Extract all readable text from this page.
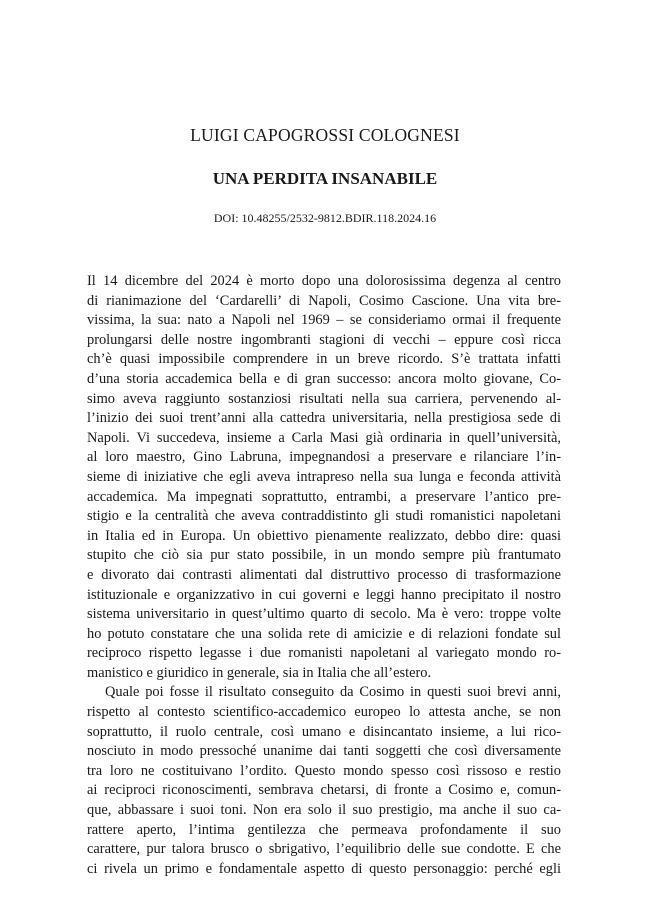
LUIGI CAPOGROSSI COLOGNESI
UNA PERDITA INSANABILE
DOI: 10.48255/2532-9812.BDIR.118.2024.16
Il 14 dicembre del 2024 è morto dopo una dolorosissima degenza al centro
di rianimazione del ‘Cardarelli’ di Napoli, Cosimo Cascione. Una vita bre-
vissima, la sua: nato a Napoli nel 1969 – se consideriamo ormai il frequente
prolungarsi delle nostre ingombranti stagioni di vecchi – eppure così ricca
ch’è quasi impossibile comprendere in un breve ricordo. S’è trattata infatti
d’una storia accademica bella e di gran successo: ancora molto giovane, Co-
simo aveva raggiunto sostanziosi risultati nella sua carriera, pervenendo al-
l’inizio dei suoi trent’anni alla cattedra universitaria, nella prestigiosa sede di
Napoli. Vi succedeva, insieme a Carla Masi già ordinaria in quell’università,
al loro maestro, Gino Labruna, impegnandosi a preservare e rilanciare l’in-
sieme di iniziative che egli aveva intrapreso nella sua lunga e feconda attività
accademica. Ma impegnati soprattutto, entrambi, a preservare l’antico pre-
stigio e la centralità che aveva contraddistinto gli studi romanistici napoletani
in Italia ed in Europa. Un obiettivo pienamente realizzato, debbo dire: quasi
stupito che ciò sia pur stato possibile, in un mondo sempre più frantumato
e divorato dai contrasti alimentati dal distruttivo processo di trasformazione
istituzionale e organizzativo in cui governi e leggi hanno precipitato il nostro
sistema universitario in quest’ultimo quarto di secolo. Ma è vero: troppe volte
ho potuto constatare che una solida rete di amicizie e di relazioni fondate sul
reciproco rispetto legasse i due romanisti napoletani al variegato mondo ro-
manistico e giuridico in generale, sia in Italia che all’estero.
Quale poi fosse il risultato conseguito da Cosimo in questi suoi brevi anni,
rispetto al contesto scientifico-accademico europeo lo attesta anche, se non
soprattutto, il ruolo centrale, così umano e disincantato insieme, a lui rico-
nosciuto in modo pressoché unanime dai tanti soggetti che così diversamente
tra loro ne costituivano l’ordito. Questo mondo spesso così rissoso e restio
ai reciproci riconoscimenti, sembrava chetarsi, di fronte a Cosimo e, comun-
que, abbassare i suoi toni. Non era solo il suo prestigio, ma anche il suo ca-
rattere aperto, l’intima gentilezza che permeava profondamente il suo
carattere, pur talora brusco o sbrigativo, l’equilibrio delle sue condotte. E che
ci rivela un primo e fondamentale aspetto di questo personaggio: perché egli
